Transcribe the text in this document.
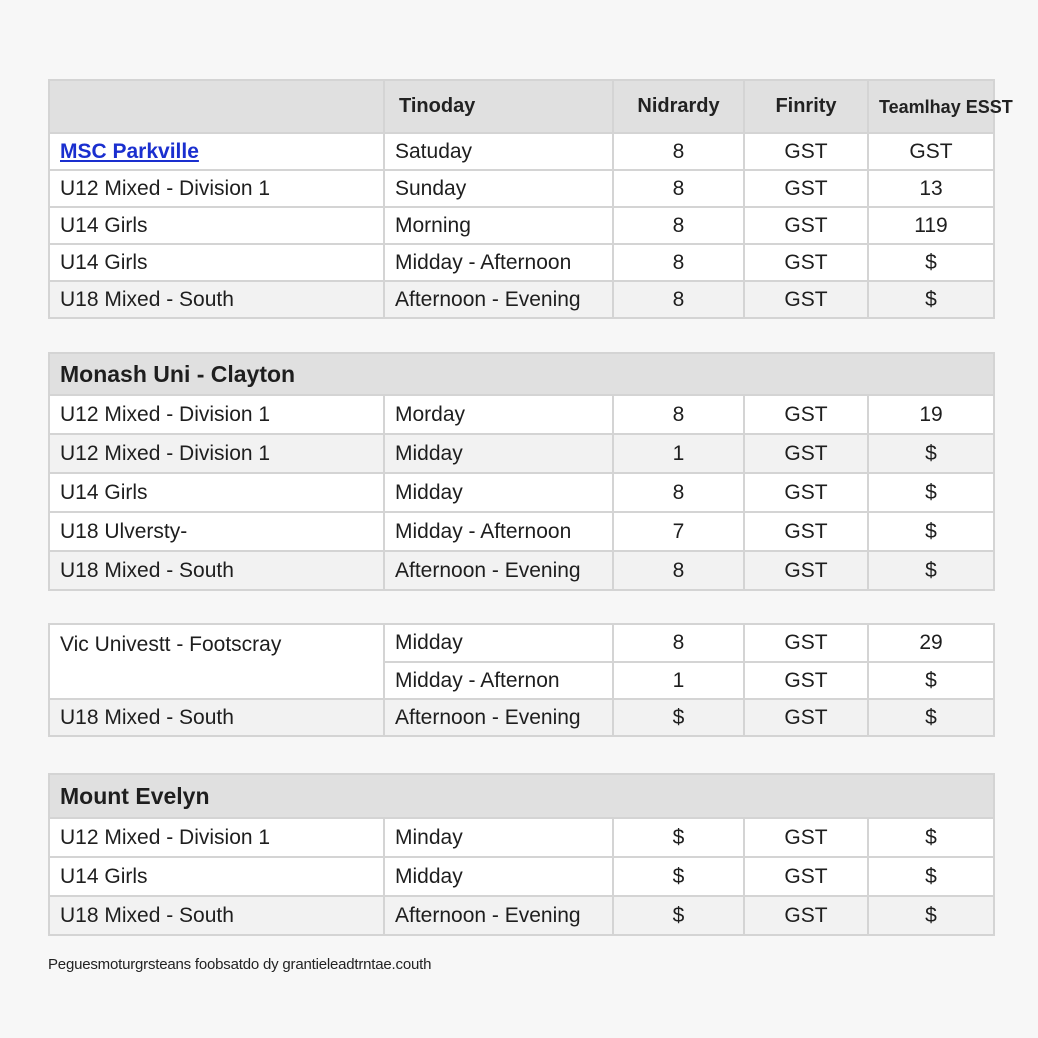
	Tinoday	Nidrardy	Finrity	Teamlhay ESST
MSC Parkville	Satuday	8	GST	GST
U12 Mixed - Division 1	Sunday	8	GST	13
U14 Girls	Morning	8	GST	119
U14 Girls	Midday - Afternoon	8	GST	$
U18 Mixed - South	Afternoon - Evening	8	GST	$
Monash Uni - Clayton				
U12 Mixed - Division 1	Morday	8	GST	19
U12 Mixed - Division 1	Midday	1	GST	$
U14 Girls	Midday	8	GST	$
U18 Ulversty-	Midday - Afternoon	7	GST	$
U18 Mixed - South	Afternoon - Evening	8	GST	$
Vic Univestt - Footscray	Midday	8	GST	29
	Midday - Afternon	1	GST	$
U18 Mixed - South	Afternoon - Evening	$	GST	$
Mount Evelyn				
U12 Mixed - Division 1	Minday	$	GST	$
U14 Girls	Midday	$	GST	$
U18 Mixed - South	Afternoon - Evening	$	GST	$
Peguesmoturgrsteans foobsatdo dy grantieleadtrntae.couth
